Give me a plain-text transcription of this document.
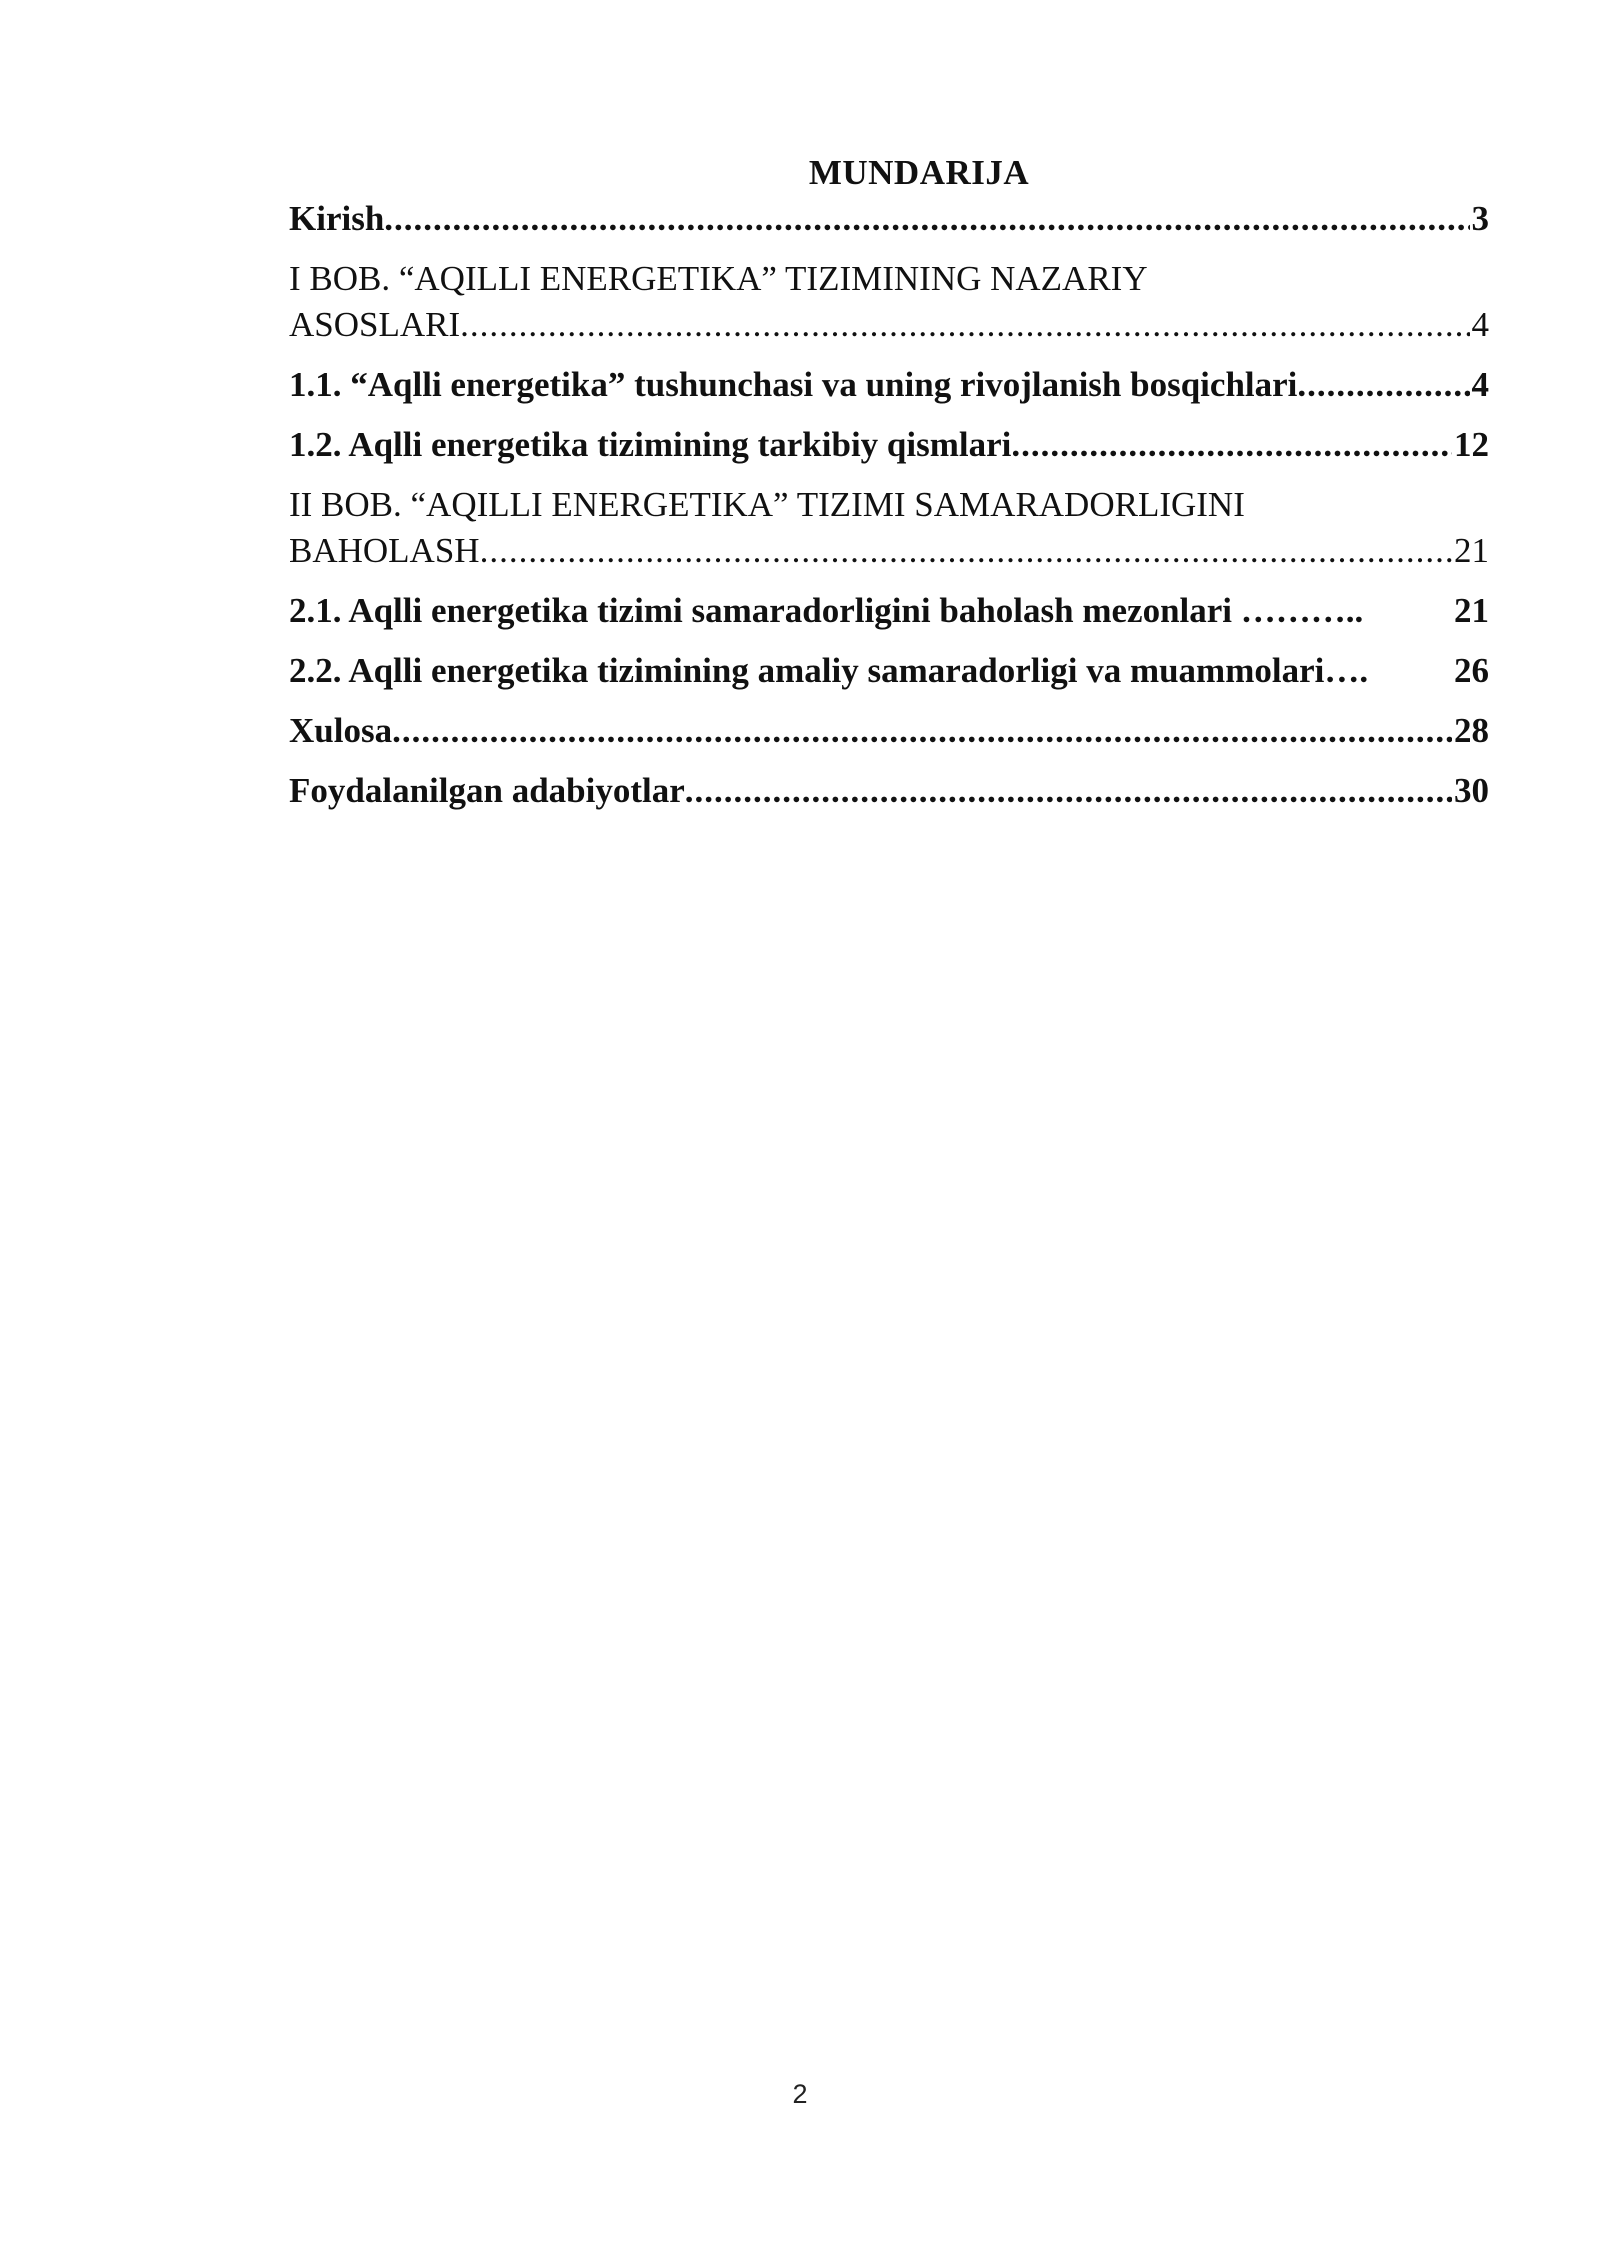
MUNDARIJA
Kirish .....	3
I BOB. “AQILLI ENERGETIKA” TIZIMINING NAZARIY
ASOSLARI .....	4
1.1. “Aqlli energetika” tushunchasi va uning rivojlanish bosqichlari .....	4
1.2. Aqlli energetika tizimining tarkibiy qismlari .....	12
II BOB. “AQILLI ENERGETIKA” TIZIMI SAMARADORLIGINI
BAHOLASH .....	21
2.1. Aqlli energetika tizimi samaradorligini baholash mezonlari ………..	21
2.2. Aqlli energetika tizimining amaliy samaradorligi va muammolari…. 26
Xulosa .....	28
Foydalanilgan adabiyotlar .....	30
2
